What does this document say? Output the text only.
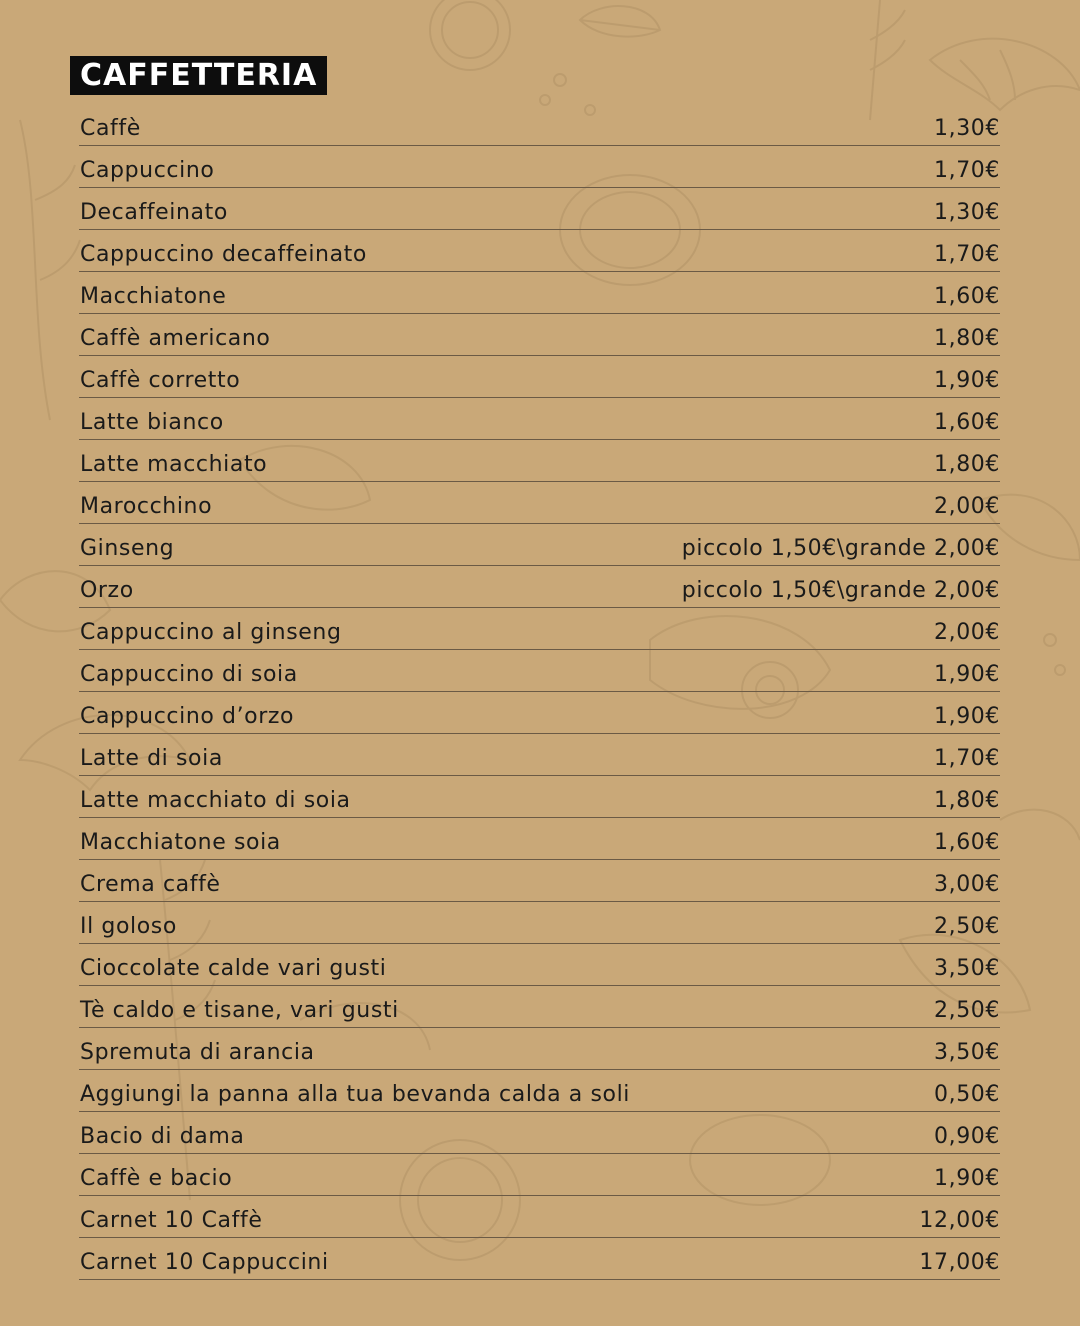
CAFFETTERIA
Caffè	1,30€
Cappuccino	1,70€
Decaffeinato	1,30€
Cappuccino decaffeinato	1,70€
Macchiatone	1,60€
Caffè americano	1,80€
Caffè corretto	1,90€
Latte bianco	1,60€
Latte macchiato	1,80€
Marocchino	2,00€
Ginseng	piccolo 1,50€\grande 2,00€
Orzo	piccolo 1,50€\grande 2,00€
Cappuccino al ginseng	2,00€
Cappuccino di soia	1,90€
Cappuccino d’orzo	1,90€
Latte di soia	1,70€
Latte macchiato di soia	1,80€
Macchiatone soia	1,60€
Crema caffè	3,00€
Il goloso	2,50€
Cioccolate calde vari gusti	3,50€
Tè caldo e tisane, vari gusti	2,50€
Spremuta di arancia	3,50€
Aggiungi la panna alla tua bevanda calda a soli	0,50€
Bacio di dama	0,90€
Caffè e bacio	1,90€
Carnet 10 Caffè	12,00€
Carnet 10 Cappuccini	17,00€
